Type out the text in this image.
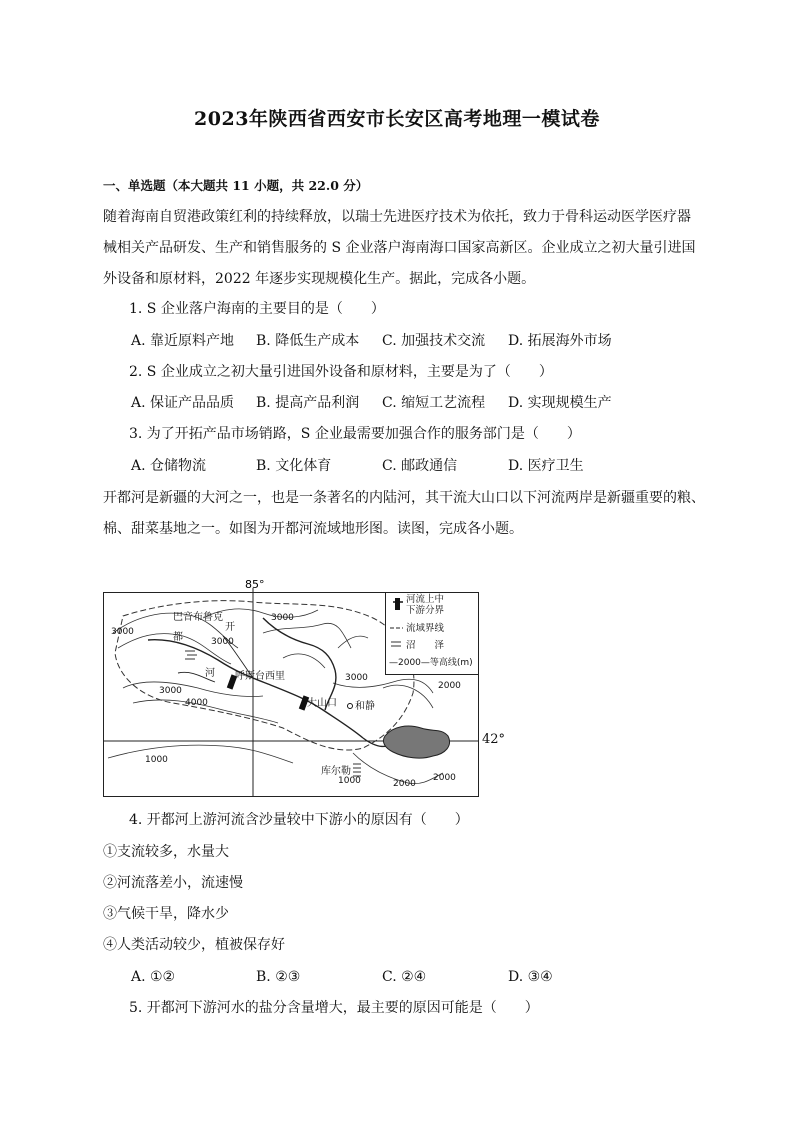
2023年陕西省西安市长安区高考地理一模试卷
一、单选题（本大题共 11 小题，共 22.0 分）
随着海南自贸港政策红利的持续释放，以瑞士先进医疗技术为依托，致力于骨科运动医学医疗器
械相关产品研发、生产和销售服务的 S 企业落户海南海口国家高新区。企业成立之初大量引进国
外设备和原材料，2022 年逐步实现规模化生产。据此，完成各小题。
1. S 企业落户海南的主要目的是（　　）
A. 靠近原料产地 B. 降低生产成本 C. 加强技术交流 D. 拓展海外市场
2. S 企业成立之初大量引进国外设备和原材料，主要是为了（　　）
A. 保证产品品质 B. 提高产品利润 C. 缩短工艺流程 D. 实现规模生产
3. 为了开拓产品市场销路，S 企业最需要加强合作的服务部门是（　　）
A. 仓储物流	B. 文化体育	C. 邮政通信	D. 医疗卫生
开都河是新疆的大河之一，也是一条著名的内陆河，其干流大山口以下河流两岸是新疆重要的粮、
棉、甜菜基地之一。如图为开都河流域地形图。读图，完成各小题。
85°
巴音布鲁克
呼斯台西里
大山口 和静
库尔勒
开
都
河
3000
3000
3000
3000
4000
3000
2000
1000
1000	2000
2000
河流上中
下游分界
流域界线
沼　　泽
—2000—等高线(m)
42°
4. 开都河上游河流含沙量较中下游小的原因有（　　）
①支流较多，水量大
②河流落差小，流速慢
③气候干旱，降水少
④人类活动较少，植被保存好
A. ①②	B. ②③	C. ②④	D. ③④
5. 开都河下游河水的盐分含量增大，最主要的原因可能是（　　）
